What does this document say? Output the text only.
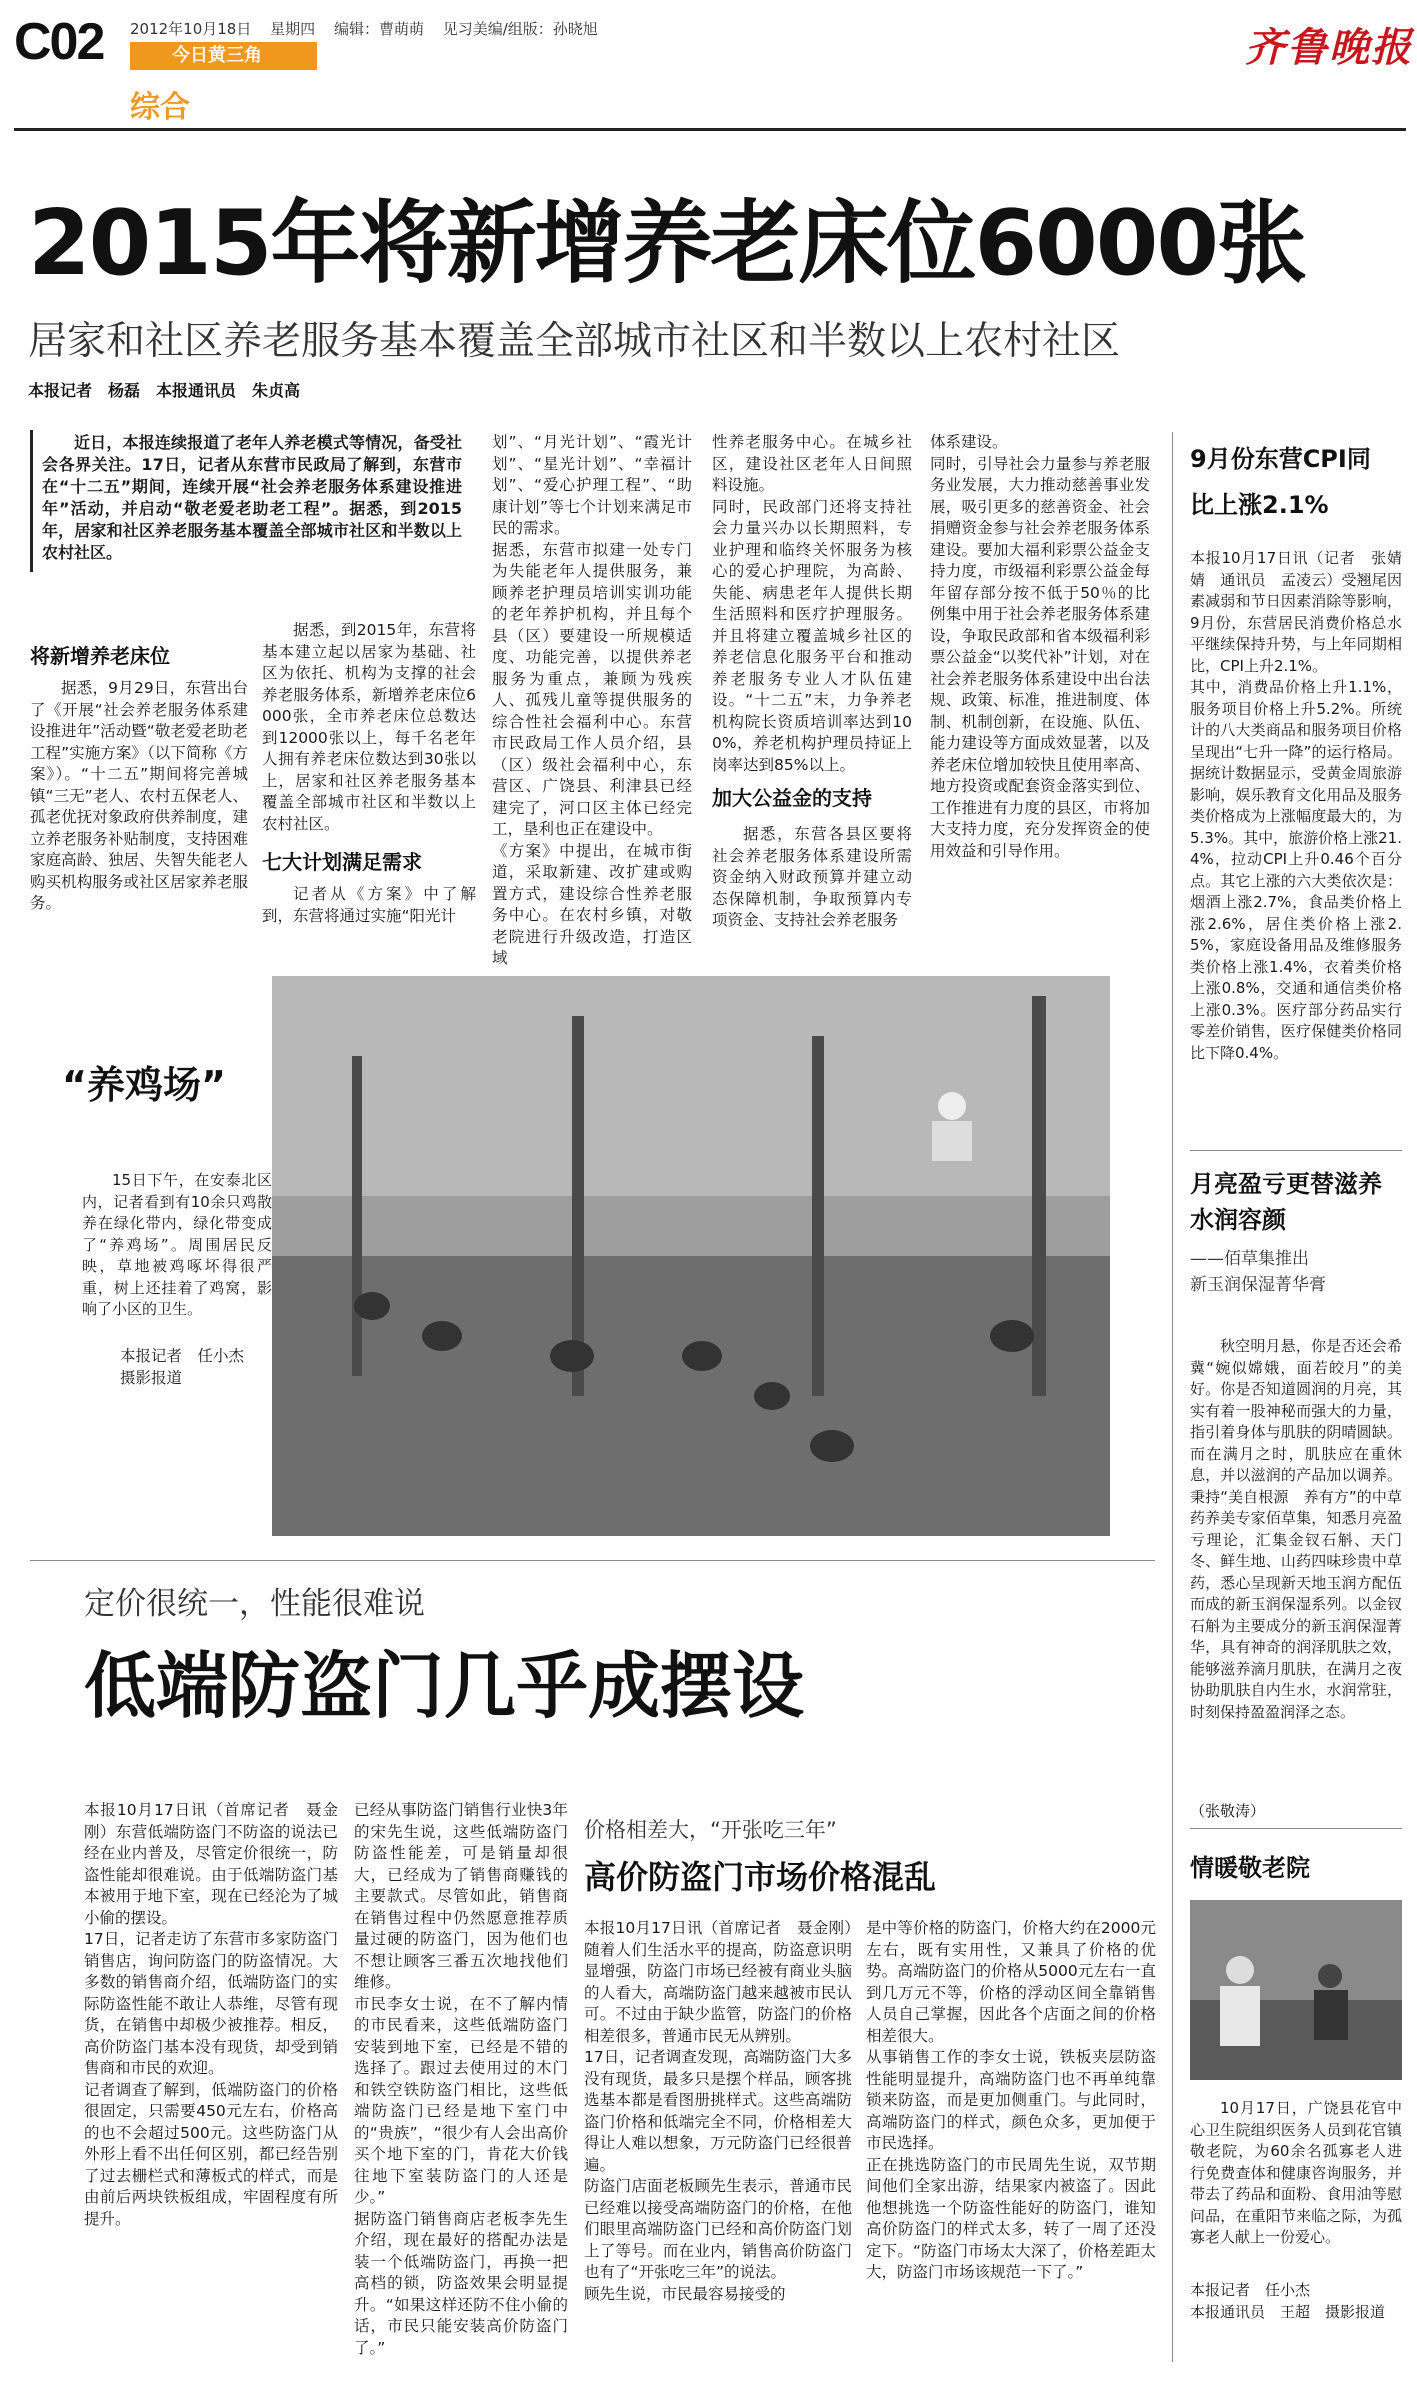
C02 2012年10月18日 星期四 编辑：曹萌萌 见习美编/组版：孙晓旭
今日黄三角
综合
齐鲁晚报
2015年将新增养老床位6000张
居家和社区养老服务基本覆盖全部城市社区和半数以上农村社区
本报记者　杨磊　本报通讯员　朱贞高
近日，本报连续报道了老年人养老模式等情况，备受社会各界关注。17日，记者从东营市民政局了解到，东营市在“十二五”期间，连续开展“社会养老服务体系建设推进年”活动，并启动“敬老爱老助老工程”。据悉，到2015年，居家和社区养老服务基本覆盖全部城市社区和半数以上农村社区。
将新增养老床位
据悉，9月29日，东营出台了《开展“社会养老服务体系建设推进年”活动暨“敬老爱老助老工程”实施方案》（以下简称《方案》）。“十二五”期间将完善城镇“三无”老人、农村五保老人、孤老优抚对象政府供养制度，建立养老服务补贴制度，支持困难家庭高龄、独居、失智失能老人购买机构服务或社区居家养老服务。
据悉，到2015年，东营将基本建立起以居家为基础、社区为依托、机构为支撑的社会养老服务体系，新增养老床位6000张，全市养老床位总数达到12000张以上，每千名老年人拥有养老床位数达到30张以上，居家和社区养老服务基本覆盖全部城市社区和半数以上农村社区。
七大计划满足需求
记者从《方案》中了解到，东营将通过实施“阳光计
划”、“月光计划”、“霞光计划”、“星光计划”、“幸福计划”、“爱心护理工程”、“助康计划”等七个计划来满足市民的需求。
据悉，东营市拟建一处专门为失能老年人提供服务，兼顾养老护理员培训实训功能的老年养护机构，并且每个县（区）要建设一所规模适度、功能完善，以提供养老服务为重点，兼顾为残疾人、孤残儿童等提供服务的综合性社会福利中心。东营市民政局工作人员介绍，县（区）级社会福利中心，东营区、广饶县、利津县已经建完了，河口区主体已经完工，垦利也正在建设中。
《方案》中提出，在城市街道，采取新建、改扩建或购置方式，建设综合性养老服务中心。在农村乡镇，对敬老院进行升级改造，打造区域
性养老服务中心。在城乡社区，建设社区老年人日间照料设施。
同时，民政部门还将支持社会力量兴办以长期照料，专业护理和临终关怀服务为核心的爱心护理院，为高龄、失能、病患老年人提供长期生活照料和医疗护理服务。并且将建立覆盖城乡社区的养老信息化服务平台和推动养老服务专业人才队伍建设。“十二五”末，力争养老机构院长资质培训率达到100%，养老机构护理员持证上岗率达到85%以上。
加大公益金的支持
据悉，东营各县区要将社会养老服务体系建设所需资金纳入财政预算并建立动态保障机制，争取预算内专项资金、支持社会养老服务
体系建设。
同时，引导社会力量参与养老服务业发展，大力推动慈善事业发展，吸引更多的慈善资金、社会捐赠资金参与社会养老服务体系建设。要加大福利彩票公益金支持力度，市级福利彩票公益金每年留存部分按不低于50％的比例集中用于社会养老服务体系建设，争取民政部和省本级福利彩票公益金“以奖代补”计划，对在社会养老服务体系建设中出台法规、政策、标准，推进制度、体制、机制创新，在设施、队伍、能力建设等方面成效显著，以及养老床位增加较快且使用率高、地方投资或配套资金落实到位、工作推进有力度的县区，市将加大支持力度，充分发挥资金的使用效益和引导作用。
“养鸡场”
15日下午，在安泰北区内，记者看到有10余只鸡散养在绿化带内，绿化带变成了“养鸡场”。周围居民反映，草地被鸡啄坏得很严重，树上还挂着了鸡窝，影响了小区的卫生。
本报记者　任小杰
摄影报道
定价很统一，性能很难说
低端防盗门几乎成摆设
本报10月17日讯（首席记者　聂金刚）东营低端防盗门不防盗的说法已经在业内普及，尽管定价很统一，防盗性能却很难说。由于低端防盗门基本被用于地下室，现在已经沦为了城小偷的摆设。
17日，记者走访了东营市多家防盗门销售店，询问防盗门的防盗情况。大多数的销售商介绍，低端防盗门的实际防盗性能不敢让人恭维，尽管有现货，在销售中却极少被推荐。相反，高价防盗门基本没有现货，却受到销售商和市民的欢迎。
记者调查了解到，低端防盗门的价格很固定，只需要450元左右，价格高的也不会超过500元。这些防盗门从外形上看不出任何区别，都已经告别了过去栅栏式和薄板式的样式，而是由前后两块铁板组成，牢固程度有所提升。
已经从事防盗门销售行业快3年的宋先生说，这些低端防盗门防盗性能差，可是销量却很大，已经成为了销售商赚钱的主要款式。尽管如此，销售商在销售过程中仍然愿意推荐质量过硬的防盗门，因为他们也不想让顾客三番五次地找他们维修。
市民李女士说，在不了解内情的市民看来，这些低端防盗门安装到地下室，已经是不错的选择了。跟过去使用过的木门和铁空铁防盗门相比，这些低端防盗门已经是地下室门中的“贵族”，“很少有人会出高价买个地下室的门，肯花大价钱往地下室装防盗门的人还是少。”
据防盗门销售商店老板李先生介绍，现在最好的搭配办法是装一个低端防盗门，再换一把高档的锁，防盗效果会明显提升。“如果这样还防不住小偷的话，市民只能安装高价防盗门了。”
价格相差大，“开张吃三年”
高价防盗门市场价格混乱
本报10月17日讯（首席记者　聂金刚）随着人们生活水平的提高，防盗意识明显增强，防盗门市场已经被有商业头脑的人看大，高端防盗门越来越被市民认可。不过由于缺少监管，防盗门的价格相差很多，普通市民无从辨别。
17日，记者调查发现，高端防盗门大多没有现货，最多只是摆个样品，顾客挑选基本都是看图册挑样式。这些高端防盗门价格和低端完全不同，价格相差大得让人难以想象，万元防盗门已经很普遍。
防盗门店面老板顾先生表示，普通市民已经难以接受高端防盗门的价格，在他们眼里高端防盗门已经和高价防盗门划上了等号。而在业内，销售高价防盗门也有了“开张吃三年”的说法。
顾先生说，市民最容易接受的
是中等价格的防盗门，价格大约在2000元左右，既有实用性，又兼具了价格的优势。高端防盗门的价格从5000元左右一直到几万元不等，价格的浮动区间全靠销售人员自己掌握，因此各个店面之间的价格相差很大。
从事销售工作的李女士说，铁板夹层防盗性能明显提升，高端防盗门也不再单纯靠锁来防盗，而是更加侧重门。与此同时，高端防盗门的样式，颜色众多，更加便于市民选择。
正在挑选防盗门的市民周先生说，双节期间他们全家出游，结果家内被盗了。因此他想挑选一个防盗性能好的防盗门，谁知高价防盗门的样式太多，转了一周了还没定下。“防盗门市场太大深了，价格差距太大，防盗门市场该规范一下了。”
9月份东营CPI同比上涨2.1%
本报10月17日讯（记者　张婧婧　通讯员　孟凌云）受翘尾因素减弱和节日因素消除等影响，9月份，东营居民消费价格总水平继续保持升势，与上年同期相比，CPI上升2.1%。
其中，消费品价格上升1.1%，服务项目价格上升5.2%。所统计的八大类商品和服务项目价格呈现出“七升一降”的运行格局。据统计数据显示，受黄金周旅游影响，娱乐教育文化用品及服务类价格成为上涨幅度最大的，为5.3%。其中，旅游价格上涨21.4%，拉动CPI上升0.46个百分点。其它上涨的六大类依次是：烟酒上涨2.7%，食品类价格上涨2.6%，居住类价格上涨2.5%，家庭设备用品及维修服务类价格上涨1.4%，衣着类价格上涨0.8%，交通和通信类价格上涨0.3%。医疗部分药品实行零差价销售，医疗保健类价格同比下降0.4%。
月亮盈亏更替滋养水润容颜
——佰草集推出
新玉润保湿菁华膏
秋空明月悬，你是否还会希冀“婉似嫦娥，面若皎月”的美好。你是否知道圆润的月亮，其实有着一股神秘而强大的力量，指引着身体与肌肤的阴晴圆缺。而在满月之时，肌肤应在重休息，并以滋润的产品加以调养。秉持“美自根源　养有方”的中草药养美专家佰草集，知悉月亮盈亏理论，汇集金钗石斛、天门冬、鲜生地、山药四味珍贵中草药，悉心呈现新天地玉润方配伍而成的新玉润保湿系列。以金钗石斛为主要成分的新玉润保湿菁华，具有神奇的润泽肌肤之效，能够滋养滴月肌肤，在满月之夜协助肌肤自内生水，水润常驻，时刻保持盈盈润泽之态。
（张敬涛）
情暖敬老院
10月17日，广饶县花官中心卫生院组织医务人员到花官镇敬老院，为60余名孤寡老人进行免费查体和健康咨询服务，并带去了药品和面粉、食用油等慰问品，在重阳节来临之际，为孤寡老人献上一份爱心。
本报记者　任小杰
本报通讯员　王超　摄影报道
